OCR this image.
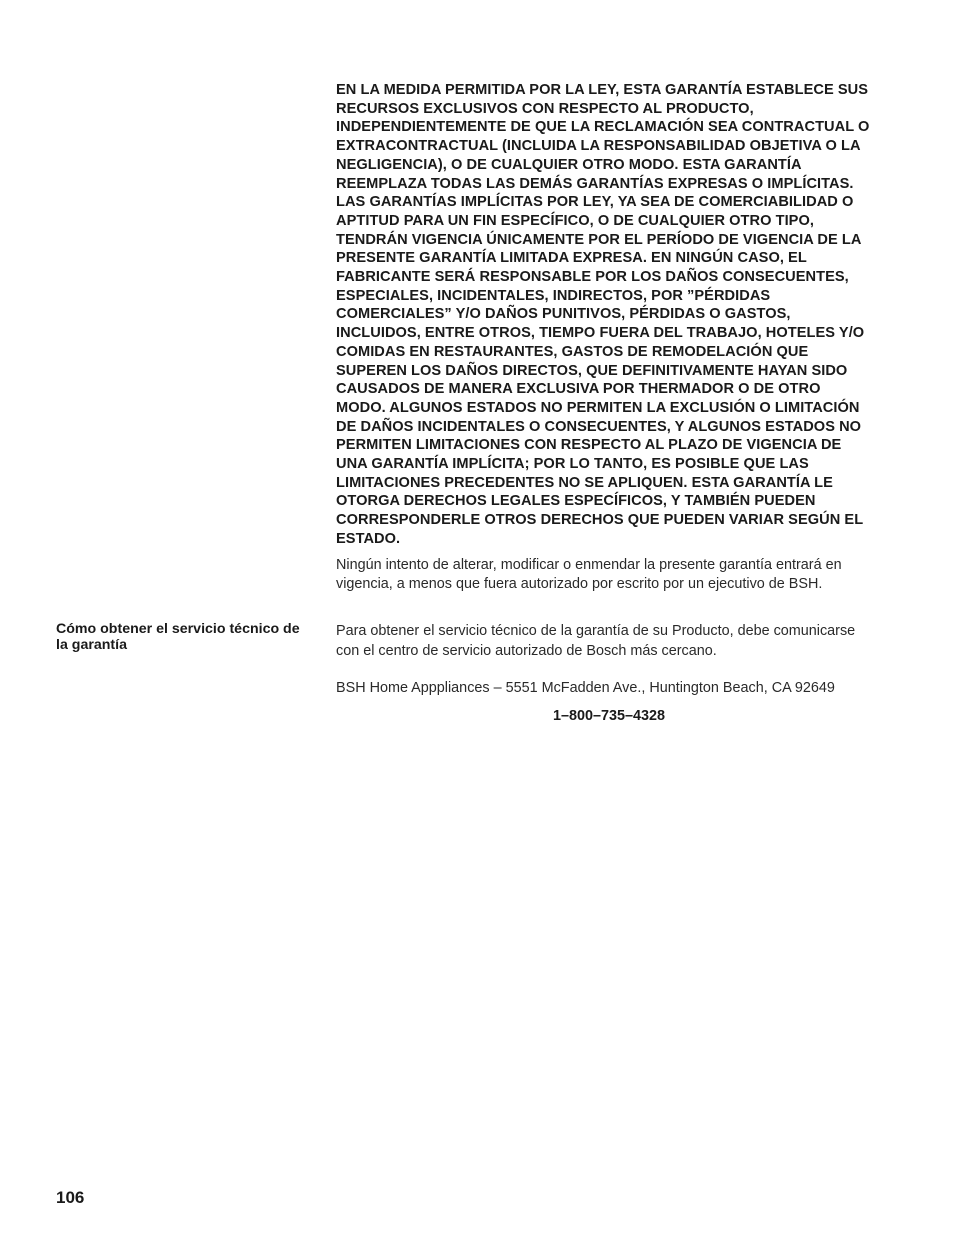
EN LA MEDIDA PERMITIDA POR LA LEY, ESTA GARANTÍA ESTABLECE SUS
RECURSOS EXCLUSIVOS CON RESPECTO AL PRODUCTO,
INDEPENDIENTEMENTE DE QUE LA RECLAMACIÓN SEA CONTRACTUAL O
EXTRACONTRACTUAL (INCLUIDA LA RESPONSABILIDAD OBJETIVA O LA
NEGLIGENCIA), O DE CUALQUIER OTRO MODO. ESTA GARANTÍA
REEMPLAZA TODAS LAS DEMÁS GARANTÍAS EXPRESAS O IMPLÍCITAS.
LAS GARANTÍAS IMPLÍCITAS POR LEY, YA SEA DE COMERCIABILIDAD O
APTITUD PARA UN FIN ESPECÍFICO, O DE CUALQUIER OTRO TIPO,
TENDRÁN VIGENCIA ÚNICAMENTE POR EL PERÍODO DE VIGENCIA DE LA
PRESENTE GARANTÍA LIMITADA EXPRESA. EN NINGÚN CASO, EL
FABRICANTE SERÁ RESPONSABLE POR LOS DAÑOS CONSECUENTES,
ESPECIALES, INCIDENTALES, INDIRECTOS, POR ”PÉRDIDAS
COMERCIALES” Y/O DAÑOS PUNITIVOS, PÉRDIDAS O GASTOS,
INCLUIDOS, ENTRE OTROS, TIEMPO FUERA DEL TRABAJO, HOTELES Y/O
COMIDAS EN RESTAURANTES, GASTOS DE REMODELACIÓN QUE
SUPEREN LOS DAÑOS DIRECTOS, QUE DEFINITIVAMENTE HAYAN SIDO
CAUSADOS DE MANERA EXCLUSIVA POR THERMADOR O DE OTRO
MODO. ALGUNOS ESTADOS NO PERMITEN LA EXCLUSIÓN O LIMITACIÓN
DE DAÑOS INCIDENTALES O CONSECUENTES, Y ALGUNOS ESTADOS NO
PERMITEN LIMITACIONES CON RESPECTO AL PLAZO DE VIGENCIA DE
UNA GARANTÍA IMPLÍCITA; POR LO TANTO, ES POSIBLE QUE LAS
LIMITACIONES PRECEDENTES NO SE APLIQUEN. ESTA GARANTÍA LE
OTORGA DERECHOS LEGALES ESPECÍFICOS, Y TAMBIÉN PUEDEN
CORRESPONDERLE OTROS DERECHOS QUE PUEDEN VARIAR SEGÚN EL
ESTADO.

Ningún intento de alterar, modificar o enmendar la presente garantía entrará en
vigencia, a menos que fuera autorizado por escrito por un ejecutivo de BSH.
Cómo obtener el servicio técnico de
la garantía
Para obtener el servicio técnico de la garantía de su Producto, debe comunicarse
con el centro de servicio autorizado de Bosch más cercano.
BSH Home Apppliances – 5551 McFadden Ave., Huntington Beach, CA 92649
1–800–735–4328
106
